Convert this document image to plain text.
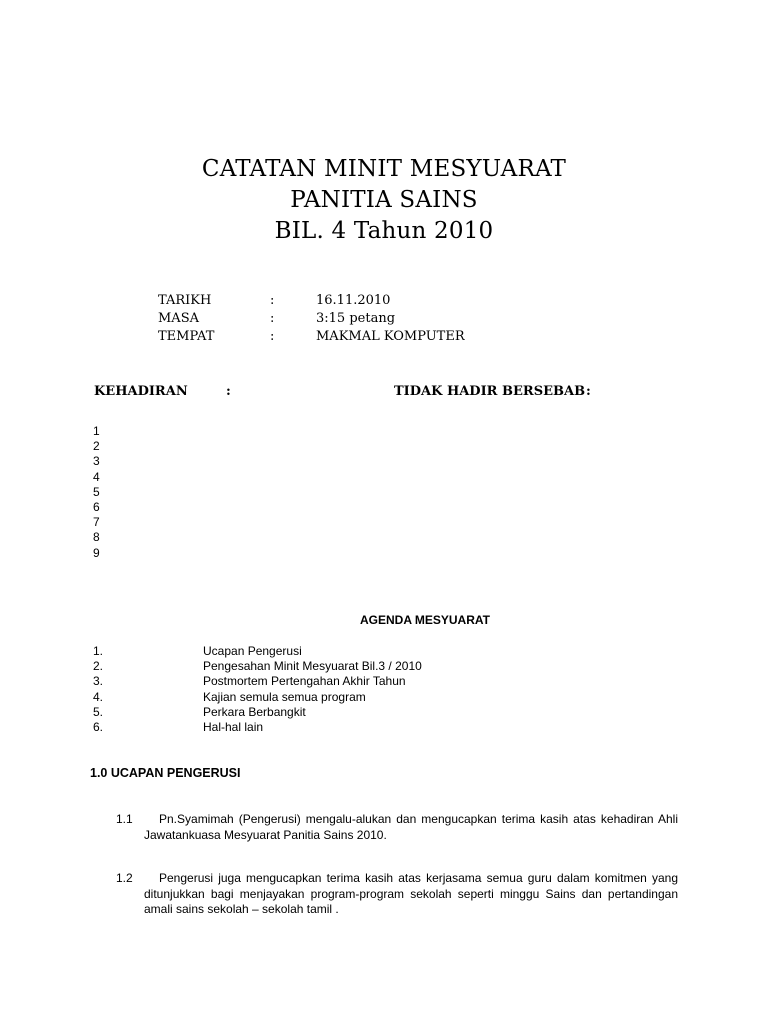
CATATAN MINIT MESYUARAT
PANITIA SAINS
BIL. 4 Tahun 2010
TARIKH	:	16.11.2010
MASA	:	3:15 petang
TEMPAT	:	MAKMAL KOMPUTER
KEHADIRAN	:	TIDAK HADIR BERSEBAB :
1
2
3
4
5
6
7
8
9
AGENDA MESYUARAT
1.	Ucapan Pengerusi
2.	Pengesahan Minit Mesyuarat Bil.3 / 2010
3.	Postmortem Pertengahan Akhir Tahun
4.	Kajian semula semua program
5.	Perkara Berbangkit
6.	Hal-hal lain
1.0 UCAPAN PENGERUSI
1.1	Pn.Syamimah (Pengerusi) mengalu-alukan dan mengucapkan terima kasih atas kehadiran Ahli Jawatankuasa Mesyuarat Panitia Sains 2010.
1.2	Pengerusi juga mengucapkan terima kasih atas kerjasama semua guru dalam komitmen yang ditunjukkan bagi menjayakan program-program sekolah seperti minggu Sains dan pertandingan amali sains sekolah – sekolah tamil .
